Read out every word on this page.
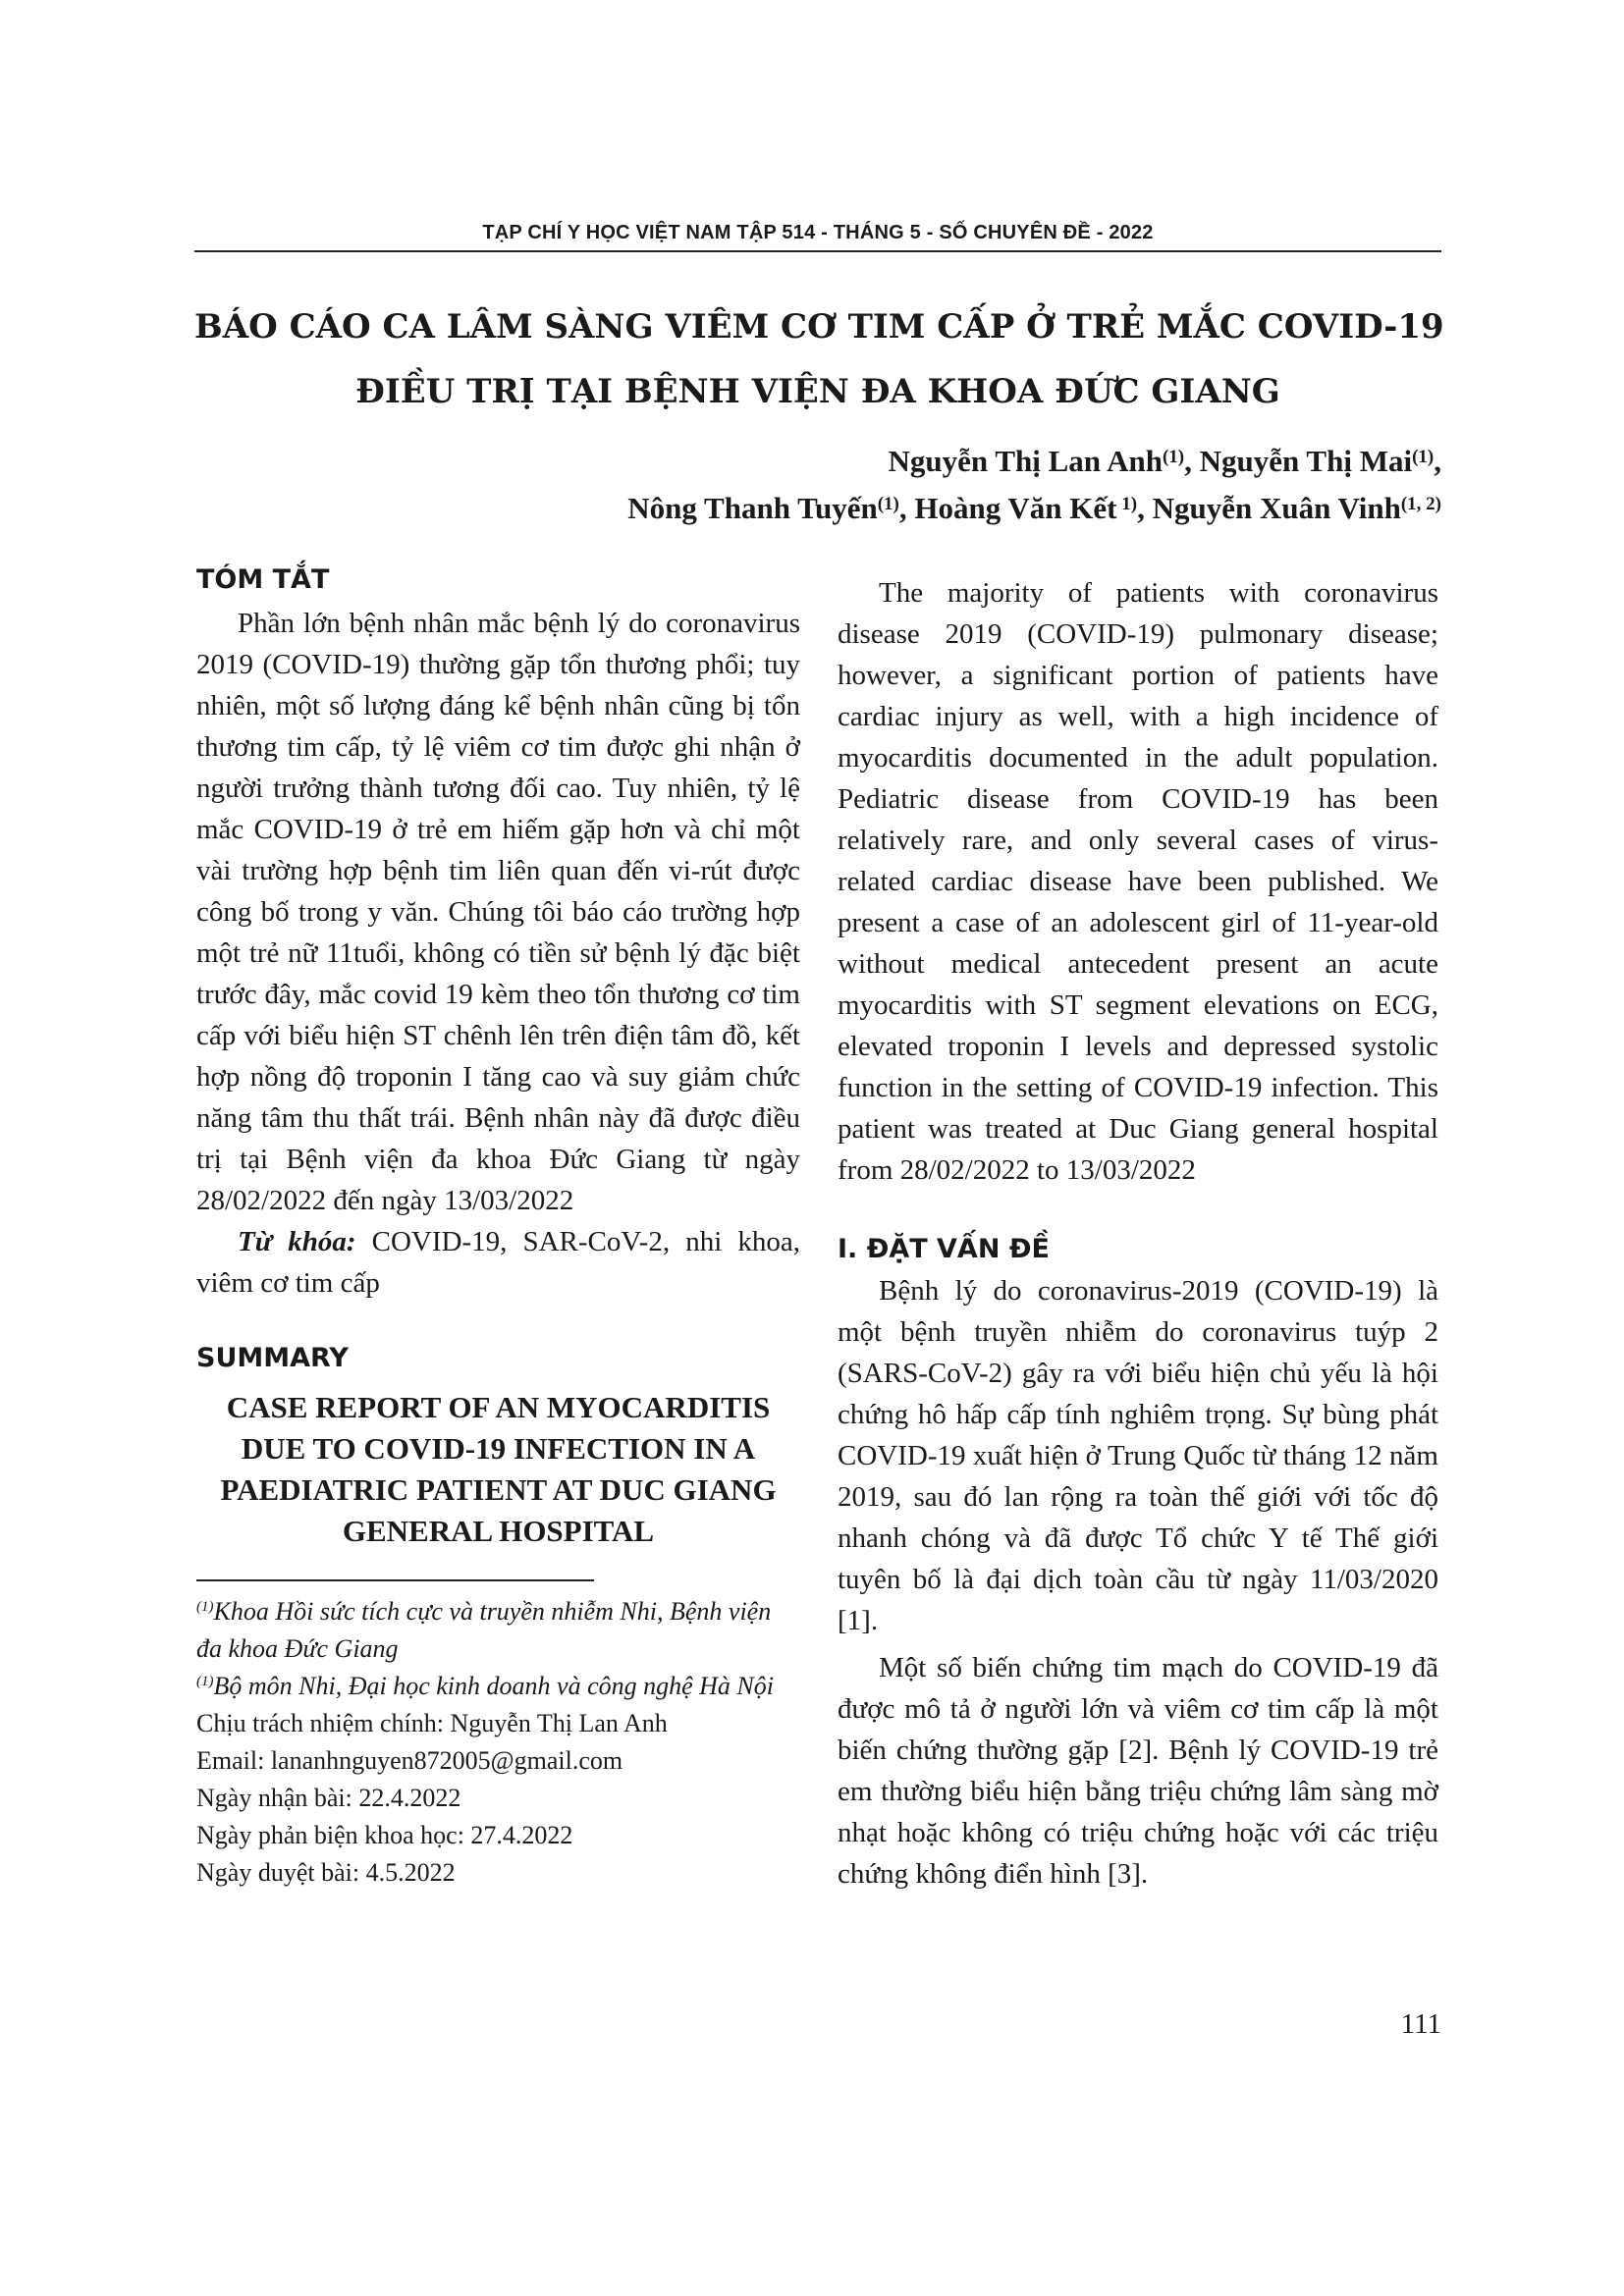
TẠP CHÍ Y HỌC VIỆT NAM TẬP 514 - THÁNG 5 - SỐ CHUYÊN ĐỀ - 2022
BÁO CÁO CA LÂM SÀNG VIÊM CƠ TIM CẤP Ở TRẺ MẮC COVID-19
ĐIỀU TRỊ TẠI BỆNH VIỆN ĐA KHOA ĐỨC GIANG
Nguyễn Thị Lan Anh$^{(1)}$, Nguyễn Thị Mai$^{(1)}$,
Nông Thanh Tuyến$^{(1)}$, Hoàng Văn Kết $^{1)}$, Nguyễn Xuân Vinh$^{(1, 2)}$
TÓM TẮT

Phần lớn bệnh nhân mắc bệnh lý do coronavirus 2019 (COVID-19) thường gặp tổn thương phổi; tuy nhiên, một số lượng đáng kể bệnh nhân cũng bị tổn thương tim cấp, tỷ lệ viêm cơ tim được ghi nhận ở người trưởng thành tương đối cao. Tuy nhiên, tỷ lệ mắc COVID-19 ở trẻ em hiếm gặp hơn và chỉ một vài trường hợp bệnh tim liên quan đến vi-rút được công bố trong y văn. Chúng tôi báo cáo trường hợp một trẻ nữ 11tuổi, không có tiền sử bệnh lý đặc biệt trước đây, mắc covid 19 kèm theo tổn thương cơ tim cấp với biểu hiện ST chênh lên trên điện tâm đồ, kết hợp nồng độ troponin I tăng cao và suy giảm chức năng tâm thu thất trái. Bệnh nhân này đã được điều trị tại Bệnh viện đa khoa Đức Giang từ ngày 28/02/2022 đến ngày 13/03/2022

Từ khóa: COVID-19, SAR-CoV-2, nhi khoa, viêm cơ tim cấp

SUMMARY

CASE REPORT OF AN MYOCARDITIS DUE TO COVID-19 INFECTION IN A PAEDIATRIC PATIENT AT DUC GIANG GENERAL HOSPITAL

$^{(1)}$Khoa Hồi sức tích cực và truyền nhiễm Nhi, Bệnh viện đa khoa Đức Giang

$^{(1)}$Bộ môn Nhi, Đại học kinh doanh và công nghệ Hà Nội

Chịu trách nhiệm chính: Nguyễn Thị Lan Anh

Email: lananhnguyen872005@gmail.com

Ngày nhận bài: 22.4.2022

Ngày phản biện khoa học: 27.4.2022

Ngày duyệt bài: 4.5.2022

The majority of patients with coronavirus disease 2019 (COVID-19) pulmonary disease; however, a significant portion of patients have cardiac injury as well, with a high incidence of myocarditis documented in the adult population. Pediatric disease from COVID-19 has been relatively rare, and only several cases of virus-related cardiac disease have been published. We present a case of an adolescent girl of 11-year-old without medical antecedent present an acute myocarditis with ST segment elevations on ECG, elevated troponin I levels and depressed systolic function in the setting of COVID-19 infection. This patient was treated at Duc Giang general hospital from 28/02/2022 to 13/03/2022

I. ĐẶT VẤN ĐỀ

Bệnh lý do coronavirus-2019 (COVID-19) là một bệnh truyền nhiễm do coronavirus tuýp 2 (SARS-CoV-2) gây ra với biểu hiện chủ yếu là hội chứng hô hấp cấp tính nghiêm trọng. Sự bùng phát COVID-19 xuất hiện ở Trung Quốc từ tháng 12 năm 2019, sau đó lan rộng ra toàn thế giới với tốc độ nhanh chóng và đã được Tổ chức Y tế Thế giới tuyên bố là đại dịch toàn cầu từ ngày 11/03/2020 [1].

Một số biến chứng tim mạch do COVID-19 đã được mô tả ở người lớn và viêm cơ tim cấp là một biến chứng thường gặp [2]. Bệnh lý COVID-19 trẻ em thường biểu hiện bằng triệu chứng lâm sàng mờ nhạt hoặc không có triệu chứng hoặc với các triệu chứng không điển hình [3].

111
